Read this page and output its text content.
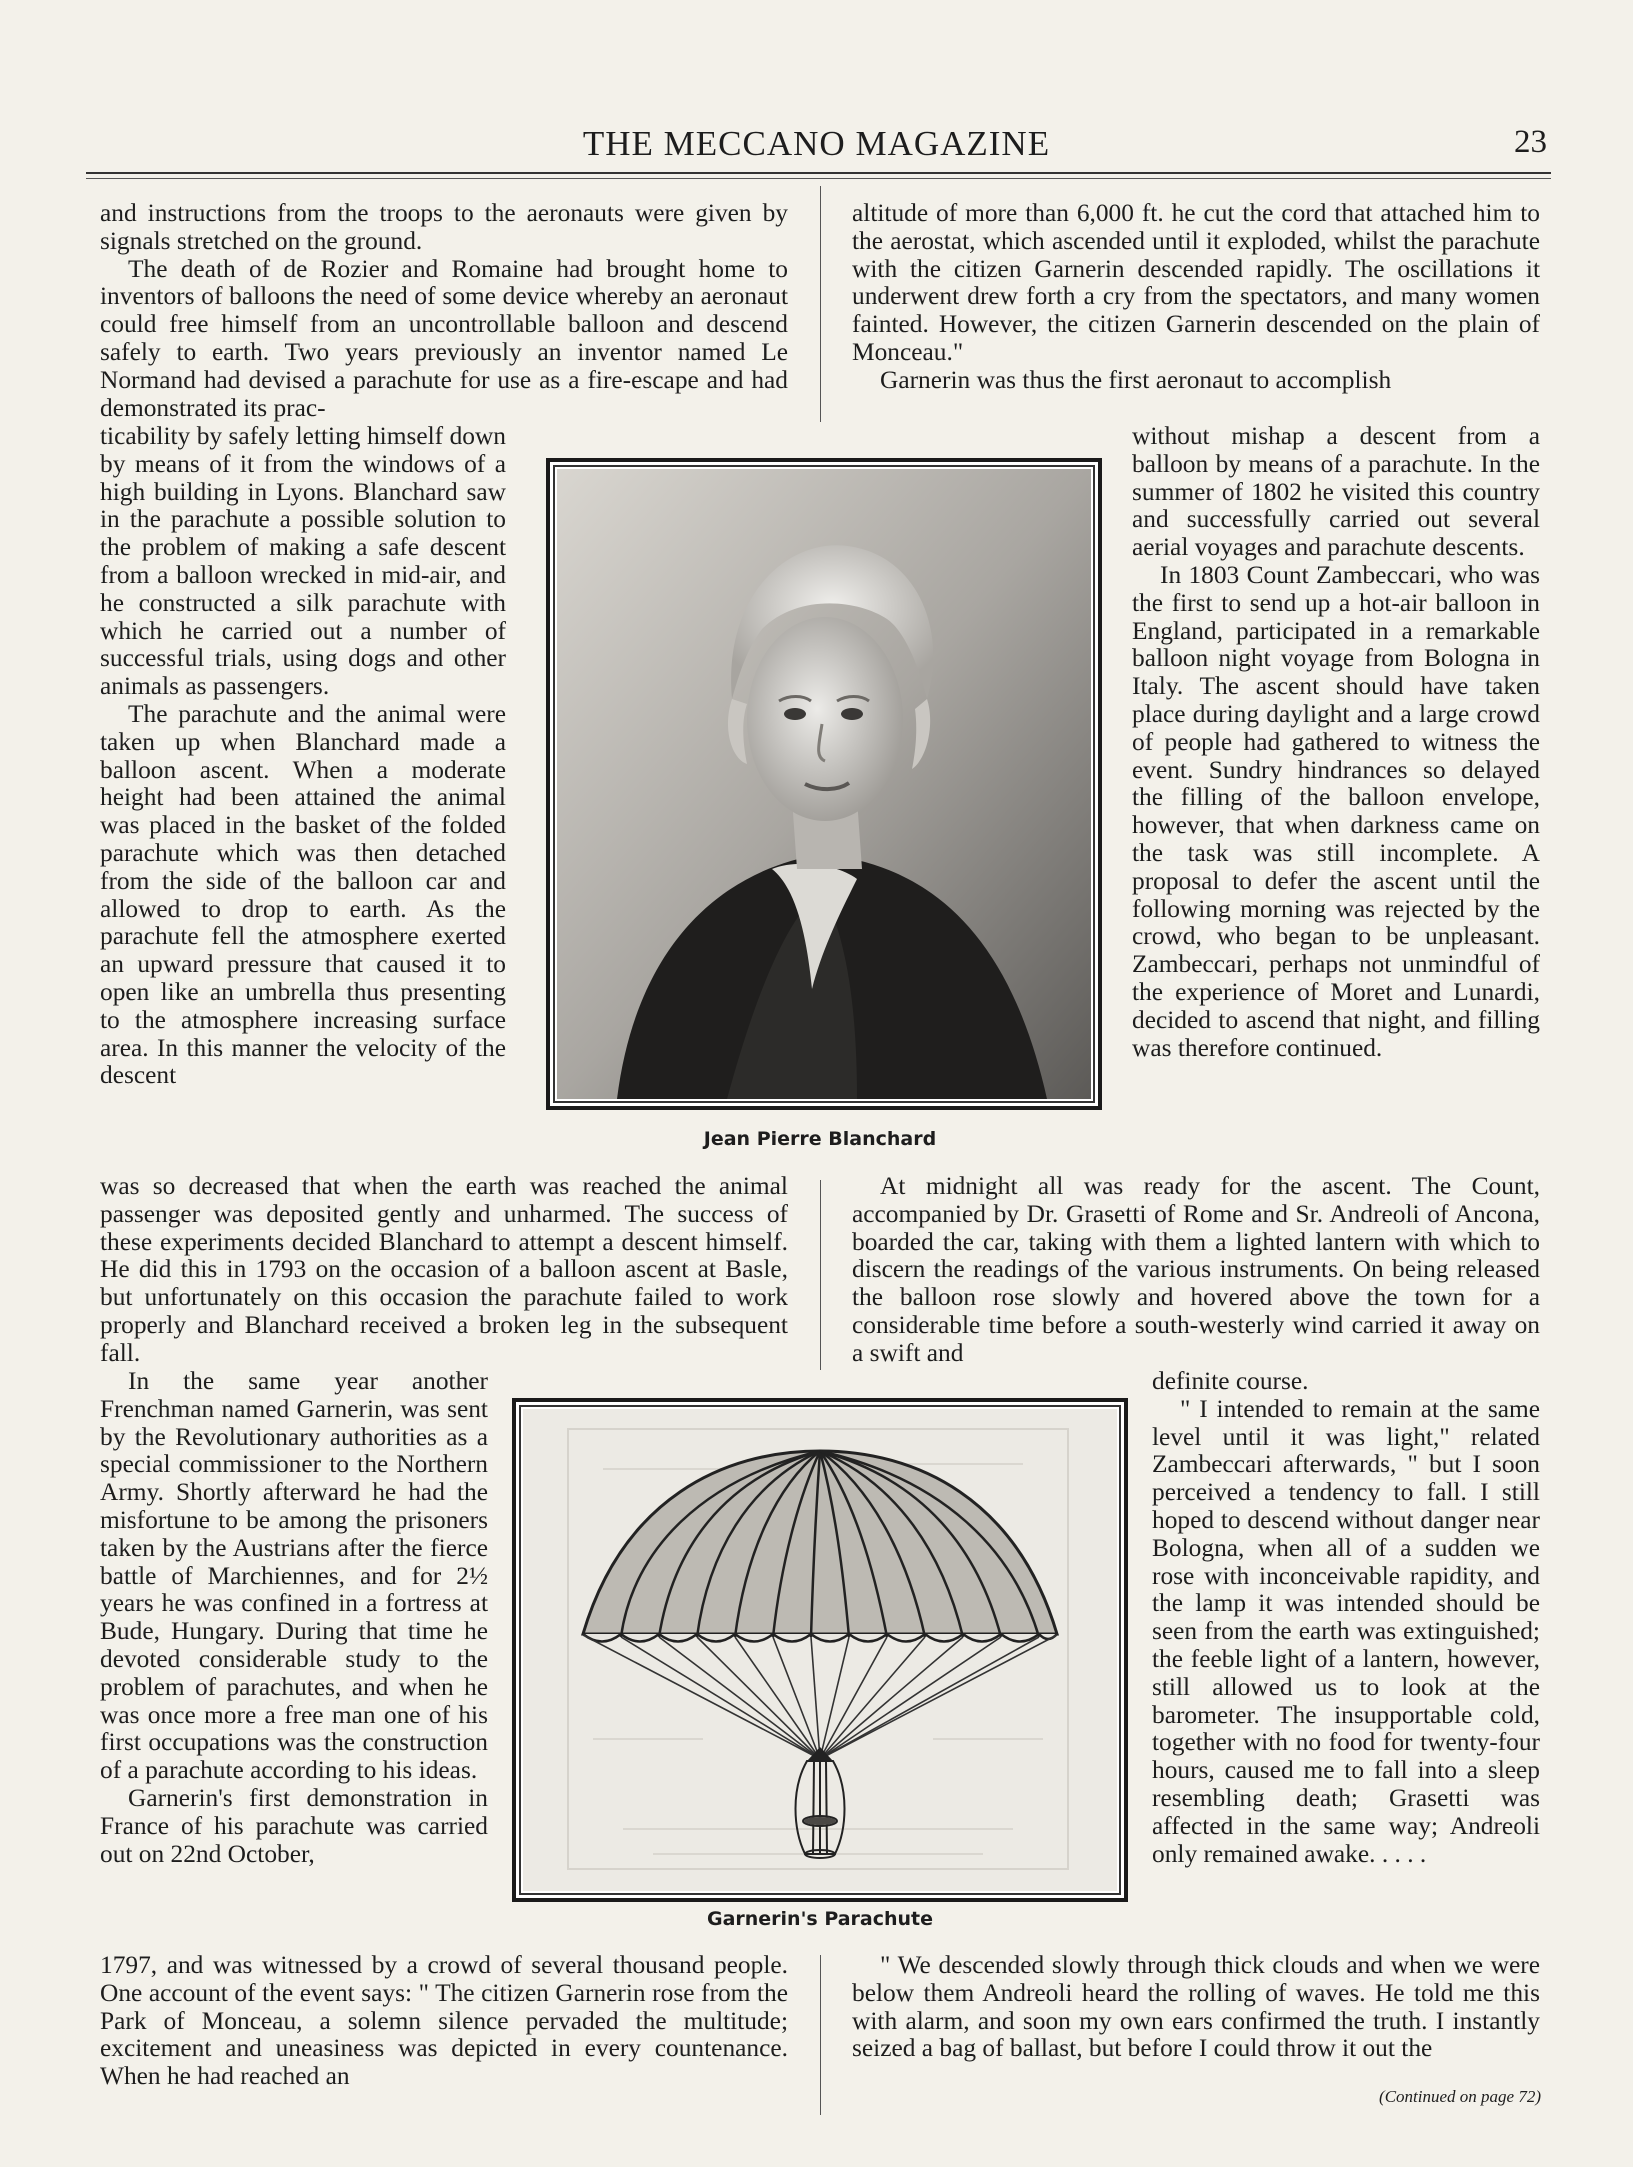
THE MECCANO MAGAZINE	23

and instructions from the troops to the aeronauts were given by signals stretched on the ground.

The death of de Rozier and Romaine had brought home to inventors of balloons the need of some device whereby an aeronaut could free himself from an uncontrollable balloon and descend safely to earth. Two years previously an inventor named Le Normand had devised a parachute for use as a fire-escape and had demonstrated its prac-

ticability by safely letting himself down by means of it from the windows of a high building in Lyons. Blanchard saw in the parachute a possible solution to the problem of making a safe descent from a balloon wrecked in mid-air, and he constructed a silk parachute with which he carried out a number of successful trials, using dogs and other animals as passengers.

The parachute and the animal were taken up when Blanchard made a balloon ascent. When a moderate height had been attained the animal was placed in the basket of the folded parachute which was then detached from the side of the balloon car and allowed to drop to earth. As the parachute fell the atmosphere exerted an upward pressure that caused it to open like an umbrella thus presenting to the atmosphere increasing surface area. In this manner the velocity of the descent

was so decreased that when the earth was reached the animal passenger was deposited gently and unharmed. The success of these experiments decided Blanchard to attempt a descent himself. He did this in 1793 on the occasion of a balloon ascent at Basle, but unfortunately on this occasion the parachute failed to work properly and Blanchard received a broken leg in the subsequent fall.

In the same year another Frenchman named Garnerin, was sent by the Revolutionary authorities as a special commissioner to the Northern Army. Shortly afterward he had the misfortune to be among the prisoners taken by the Austrians after the fierce battle of Marchiennes, and for 2½ years he was confined in a fortress at Bude, Hungary. During that time he devoted considerable study to the problem of parachutes, and when he was once more a free man one of his first occupations was the construction of a parachute according to his ideas.

Garnerin's first demonstration in France of his parachute was carried out on 22nd October,

1797, and was witnessed by a crowd of several thousand people. One account of the event says: " The citizen Garnerin rose from the Park of Monceau, a solemn silence pervaded the multitude; excitement and uneasiness was depicted in every countenance. When he had reached an

altitude of more than 6,000 ft. he cut the cord that attached him to the aerostat, which ascended until it exploded, whilst the parachute with the citizen Garnerin descended rapidly. The oscillations it underwent drew forth a cry from the spectators, and many women fainted. However, the citizen Garnerin descended on the plain of Monceau."

Garnerin was thus the first aeronaut to accomplish

without mishap a descent from a balloon by means of a parachute. In the summer of 1802 he visited this country and successfully carried out several aerial voyages and parachute descents.

In 1803 Count Zambeccari, who was the first to send up a hot-air balloon in England, participated in a remarkable balloon night voyage from Bologna in Italy. The ascent should have taken place during daylight and a large crowd of people had gathered to witness the event. Sundry hindrances so delayed the filling of the balloon envelope, however, that when darkness came on the task was still incomplete. A proposal to defer the ascent until the following morning was rejected by the crowd, who began to be unpleasant. Zambeccari, perhaps not unmindful of the experience of Moret and Lunardi, decided to ascend that night, and filling was therefore continued.

At midnight all was ready for the ascent. The Count, accompanied by Dr. Grasetti of Rome and Sr. Andreoli of Ancona, boarded the car, taking with them a lighted lantern with which to discern the readings of the various instruments. On being released the balloon rose slowly and hovered above the town for a considerable time before a south-westerly wind carried it away on a swift and

definite course.

" I intended to remain at the same level until it was light," related Zambeccari afterwards, " but I soon perceived a tendency to fall. I still hoped to descend without danger near Bologna, when all of a sudden we rose with inconceivable rapidity, and the lamp it was intended should be seen from the earth was extinguished; the feeble light of a lantern, however, still allowed us to look at the barometer. The insupportable cold, together with no food for twenty-four hours, caused me to fall into a sleep resembling death; Grasetti was affected in the same way; Andreoli only remained awake. . . . .

" We descended slowly through thick clouds and when we were below them Andreoli heard the rolling of waves. He told me this with alarm, and soon my own ears confirmed the truth. I instantly seized a bag of ballast, but before I could throw it out the

Jean Pierre Blanchard
Garnerin's Parachute
(Continued on page 72)
